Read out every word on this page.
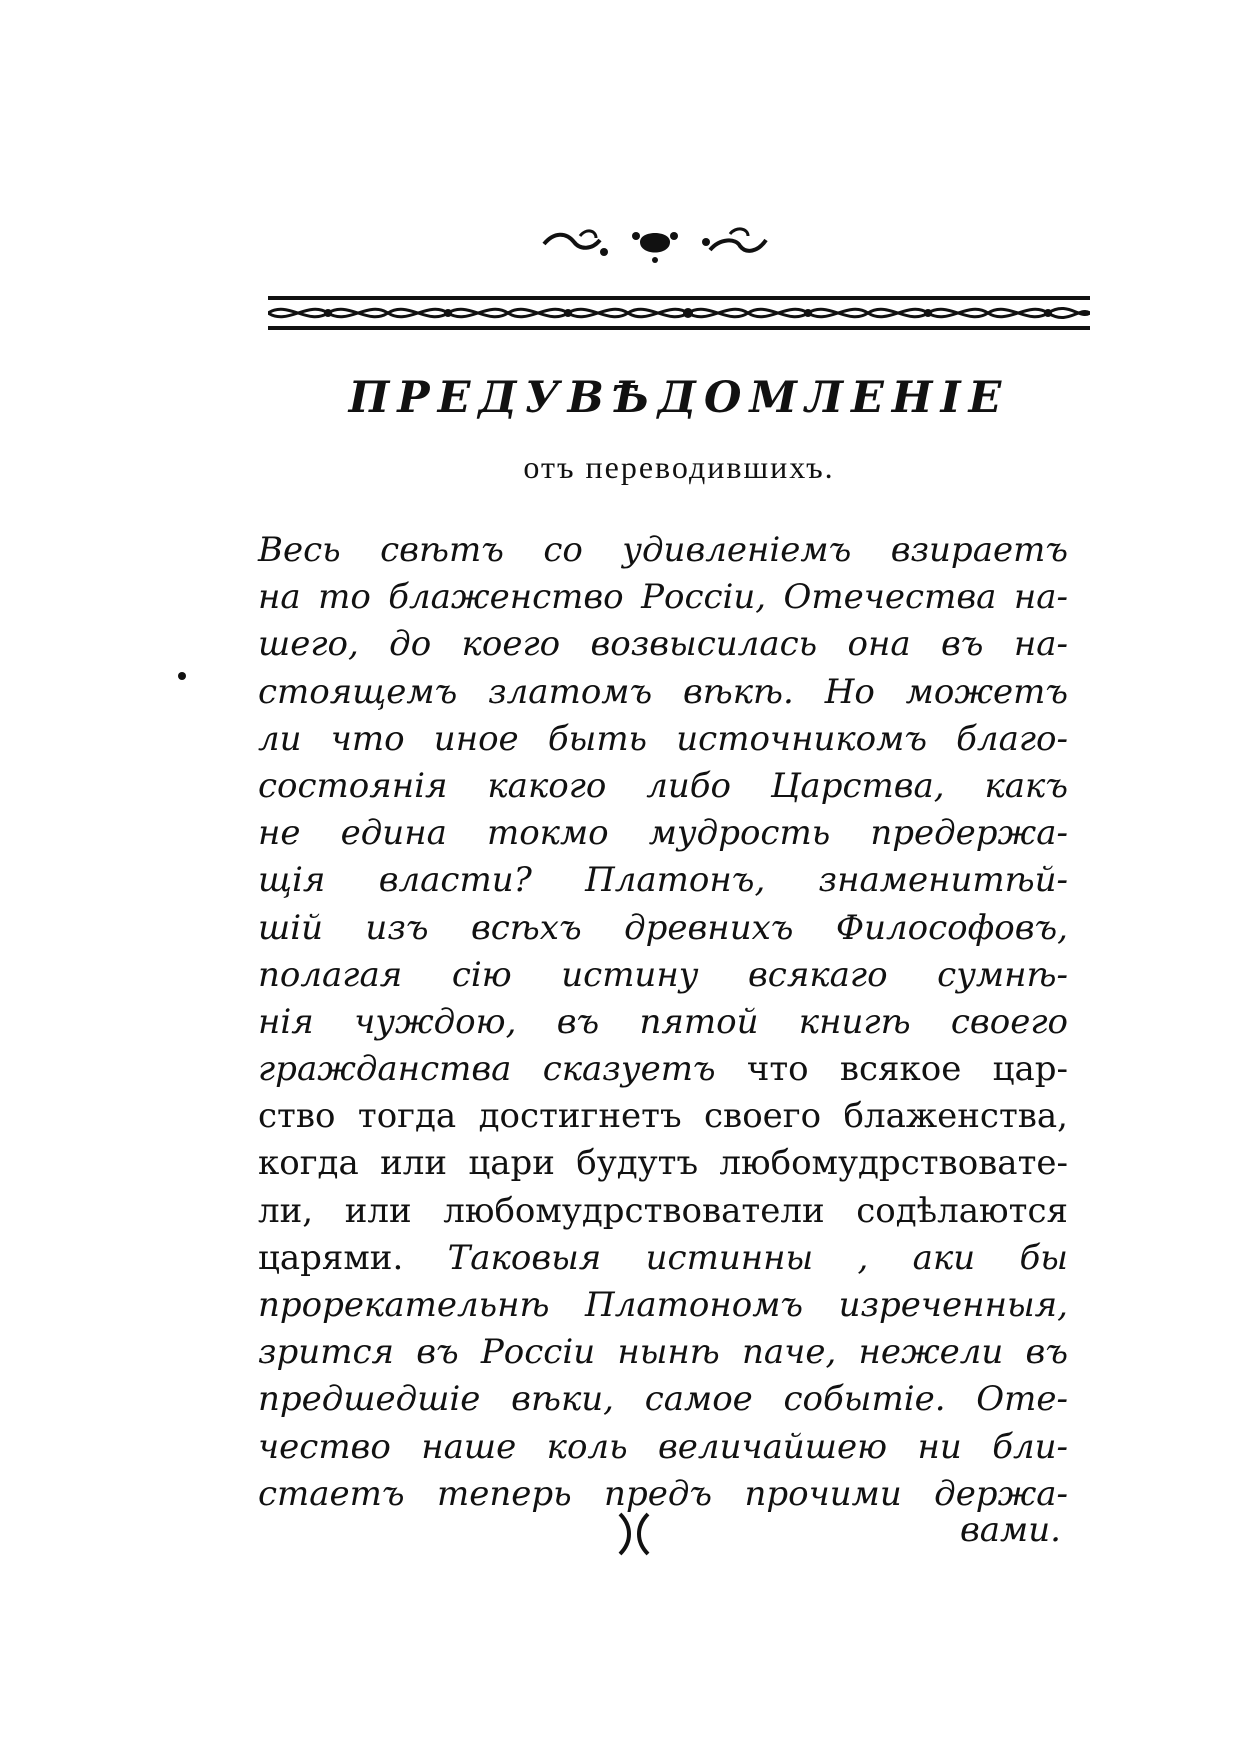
ПРЕДУВѢДОМЛЕНІЕ
отъ переводившихъ.
Весь свѣтъ со удивленіемъ взираетъ
на то блаженство Россіи, Отечества на-
шего, до коего возвысилась она въ на-
стоящемъ златомъ вѣкѣ. Но можетъ
ли что иное быть источникомъ благо-
состоянія какого либо Царства, какъ
не едина токмо мудрость предержа-
щія власти? Платонъ, знаменитѣй-
шій изъ всѣхъ древнихъ Философовъ,
полагая сію истину всякаго сумнѣ-
нія чуждою, въ пятой книгѣ своего
гражданства сказуетъ что всякое цар-
ство тогда достигнетъ своего блаженства,
когда или цари будутъ любомудрствовате-
ли, или любомудрствователи содѣлаются
царями. Таковыя истинны , аки бы
прорекательнѣ Платономъ изреченныя,
зрится въ Россіи нынѣ паче, нежели въ
предшедшіе вѣки, самое событіе. Оте-
чество наше коль величайшею ни бли-
стаетъ теперь предъ прочими держа-
вами.
